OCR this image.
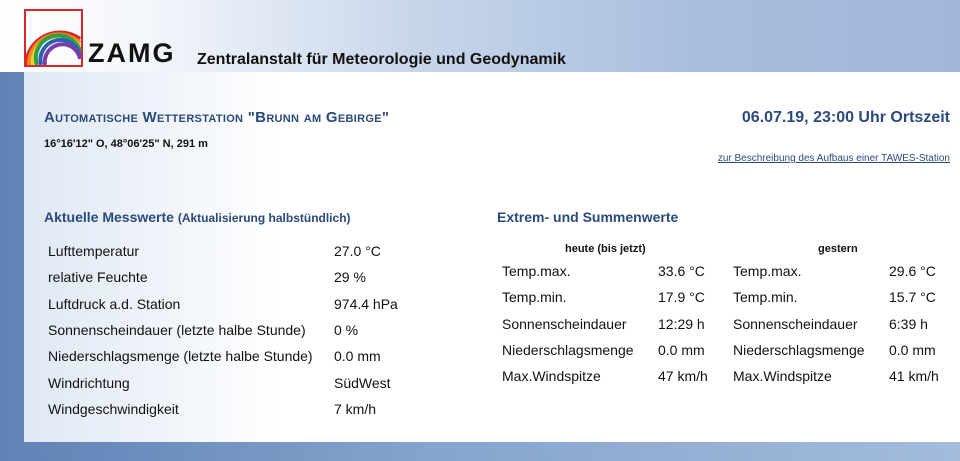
ZAMG Zentralanstalt für Meteorologie und Geodynamik
Automatische Wetterstation "Brunn am Gebirge"
16°16'12" O, 48°06'25" N, 291 m
06.07.19, 23:00 Uhr Ortszeit
zur Beschreibung des Aufbaus einer TAWES-Station
Aktuelle Messwerte (Aktualisierung halbstündlich)
Lufttemperatur	27.0 °C
relative Feuchte	29 %
Luftdruck a.d. Station	974.4 hPa
Sonnenscheindauer (letzte halbe Stunde)	0 %
Niederschlagsmenge (letzte halbe Stunde)	0.0 mm
Windrichtung	SüdWest
Windgeschwindigkeit	7 km/h
Extrem- und Summenwerte
heute (bis jetzt)	gestern
Temp.max.	33.6 °C	Temp.max.	29.6 °C
Temp.min.	17.9 °C	Temp.min.	15.7 °C
Sonnenscheindauer	12:29 h	Sonnenscheindauer	6:39 h
Niederschlagsmenge	0.0 mm	Niederschlagsmenge	0.0 mm
Max.Windspitze	47 km/h	Max.Windspitze	41 km/h
